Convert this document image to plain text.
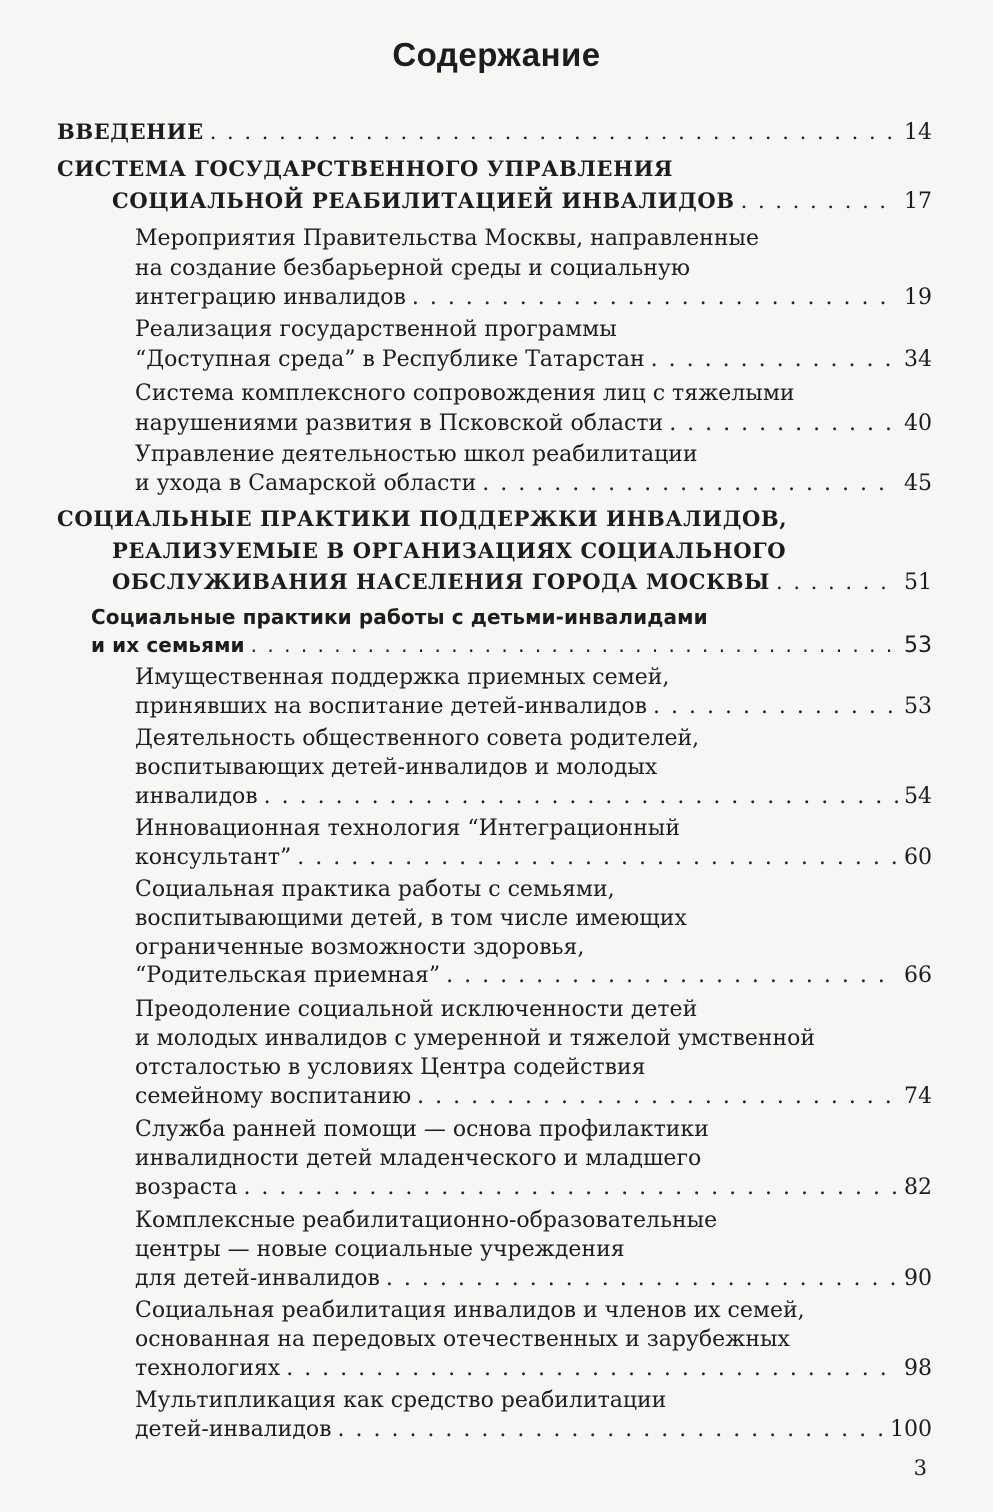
Содержание
ВВЕДЕНИЕ . . .	14
СИСТЕМА ГОСУДАРСТВЕННОГО УПРАВЛЕНИЯ
СОЦИАЛЬНОЙ РЕАБИЛИТАЦИЕЙ ИНВАЛИДОВ . . .	17
Мероприятия Правительства Москвы, направленные
на создание безбарьерной среды и социальную
интеграцию инвалидов . . .	19
Реализация государственной программы
“Доступная среда” в Республике Татарстан . . .	34
Система комплексного сопровождения лиц с тяжелыми
нарушениями развития в Псковской области . . .	40
Управление деятельностью школ реабилитации
и ухода в Самарской области . . .	45
СОЦИАЛЬНЫЕ ПРАКТИКИ ПОДДЕРЖКИ ИНВАЛИДОВ,
РЕАЛИЗУЕМЫЕ В ОРГАНИЗАЦИЯХ СОЦИАЛЬНОГО
ОБСЛУЖИВАНИЯ НАСЕЛЕНИЯ ГОРОДА МОСКВЫ . . .	51
Социальные практики работы с детьми-инвалидами
и их семьями . . .	53
Имущественная поддержка приемных семей,
принявших на воспитание детей-инвалидов . . .	53
Деятельность общественного совета родителей,
воспитывающих детей-инвалидов и молодых
инвалидов . . .	54
Инновационная технология “Интеграционный
консультант” . . .	60
Социальная практика работы с семьями,
воспитывающими детей, в том числе имеющих
ограниченные возможности здоровья,
“Родительская приемная” . . .	66
Преодоление социальной исключенности детей
и молодых инвалидов с умеренной и тяжелой умственной
отсталостью в условиях Центра содействия
семейному воспитанию . . .	74
Служба ранней помощи — основа профилактики
инвалидности детей младенческого и младшего
возраста . . .	82
Комплексные реабилитационно-образовательные
центры — новые социальные учреждения
для детей-инвалидов . . .	90
Социальная реабилитация инвалидов и членов их семей,
основанная на передовых отечественных и зарубежных
технологиях . . .	98
Мультипликация как средство реабилитации
детей-инвалидов . . .	100
3
